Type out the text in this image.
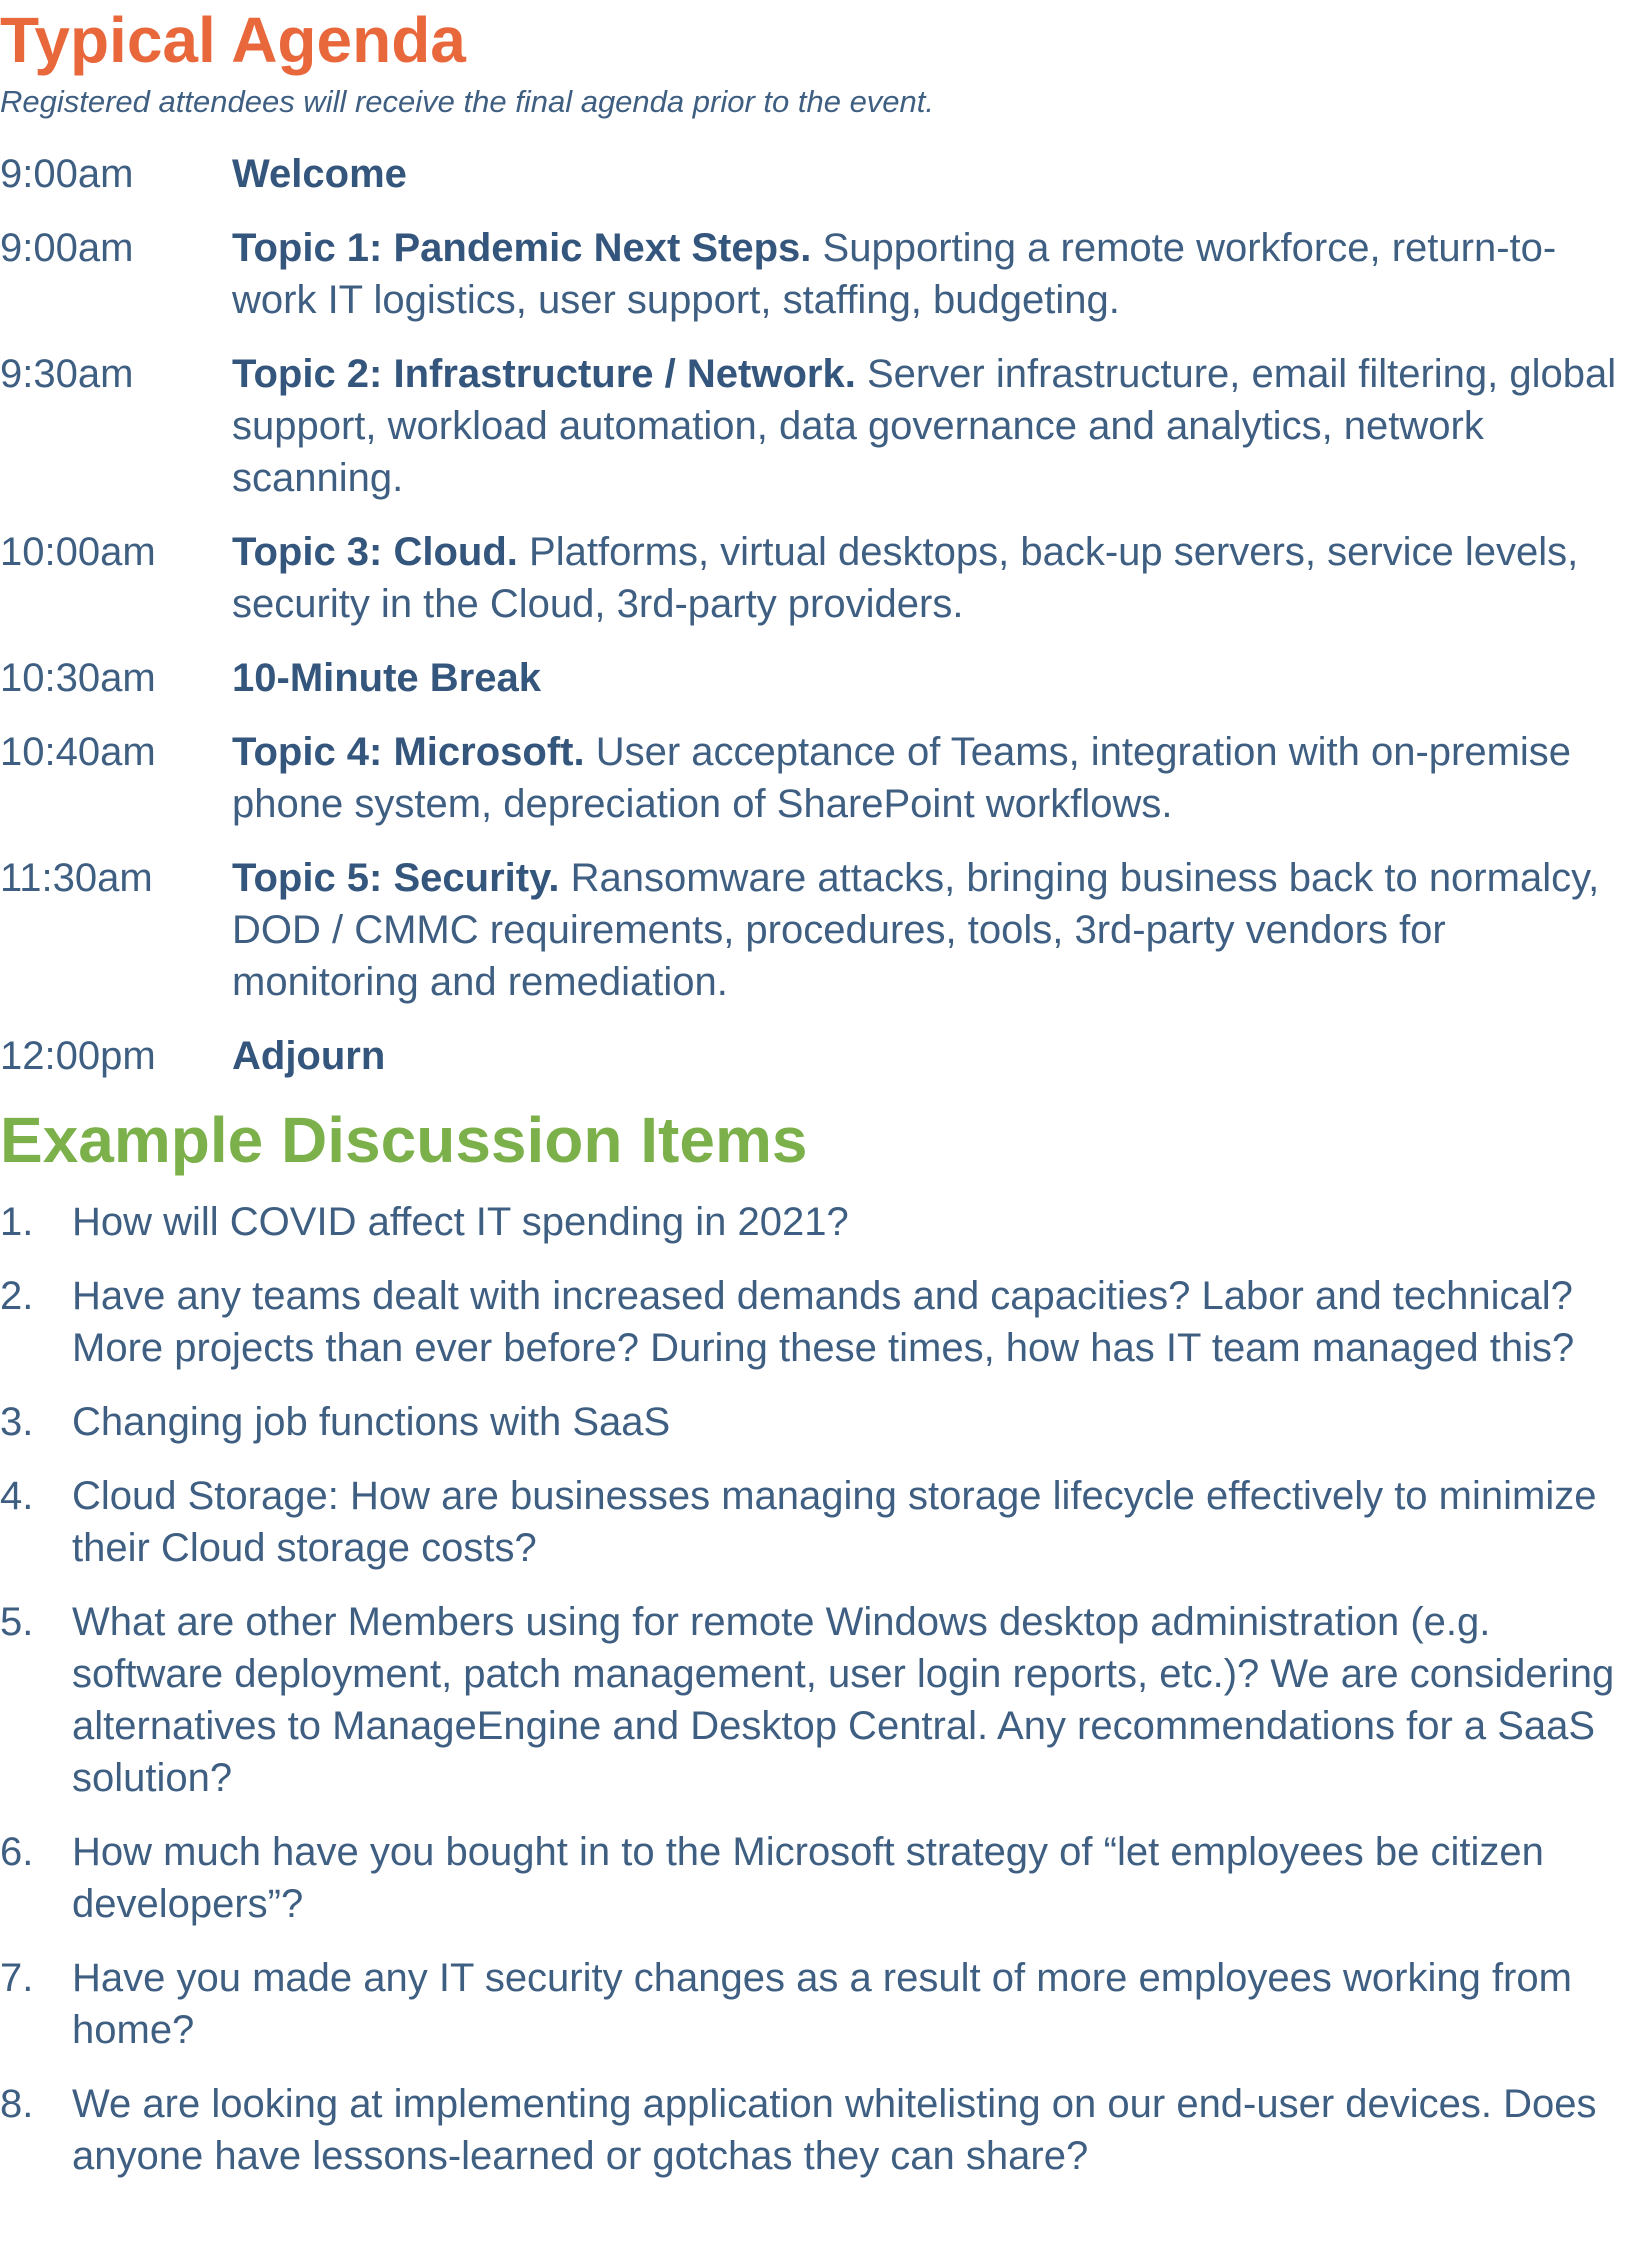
Typical Agenda

Registered attendees will receive the final agenda prior to the event.

9:00am	Welcome
9:00am	Topic 1: Pandemic Next Steps. Supporting a remote workforce, return-to-work IT logistics, user support, staffing, budgeting.
9:30am	Topic 2: Infrastructure / Network. Server infrastructure, email filtering, global support, workload automation, data governance and analytics, network scanning.
10:00am	Topic 3: Cloud. Platforms, virtual desktops, back-up servers, service levels, security in the Cloud, 3rd-party providers.
10:30am	10-Minute Break
10:40am	Topic 4: Microsoft. User acceptance of Teams, integration with on-premise phone system, depreciation of SharePoint workflows.
11:30am	Topic 5: Security. Ransomware attacks, bringing business back to normalcy, DOD / CMMC requirements, procedures, tools, 3rd-party vendors for monitoring and remediation.
12:00pm	Adjourn
Example Discussion Items
1. How will COVID affect IT spending in 2021?
2. Have any teams dealt with increased demands and capacities? Labor and technical? More projects than ever before? During these times, how has IT team managed this?
3. Changing job functions with SaaS
4. Cloud Storage: How are businesses managing storage lifecycle effectively to minimize their Cloud storage costs?
5. What are other Members using for remote Windows desktop administration (e.g. software deployment, patch management, user login reports, etc.)? We are considering alternatives to ManageEngine and Desktop Central. Any recommendations for a SaaS solution?
6. How much have you bought in to the Microsoft strategy of “let employees be citizen developers”?
7. Have you made any IT security changes as a result of more employees working from home?
8. We are looking at implementing application whitelisting on our end-user devices. Does anyone have lessons-learned or gotchas they can share?
